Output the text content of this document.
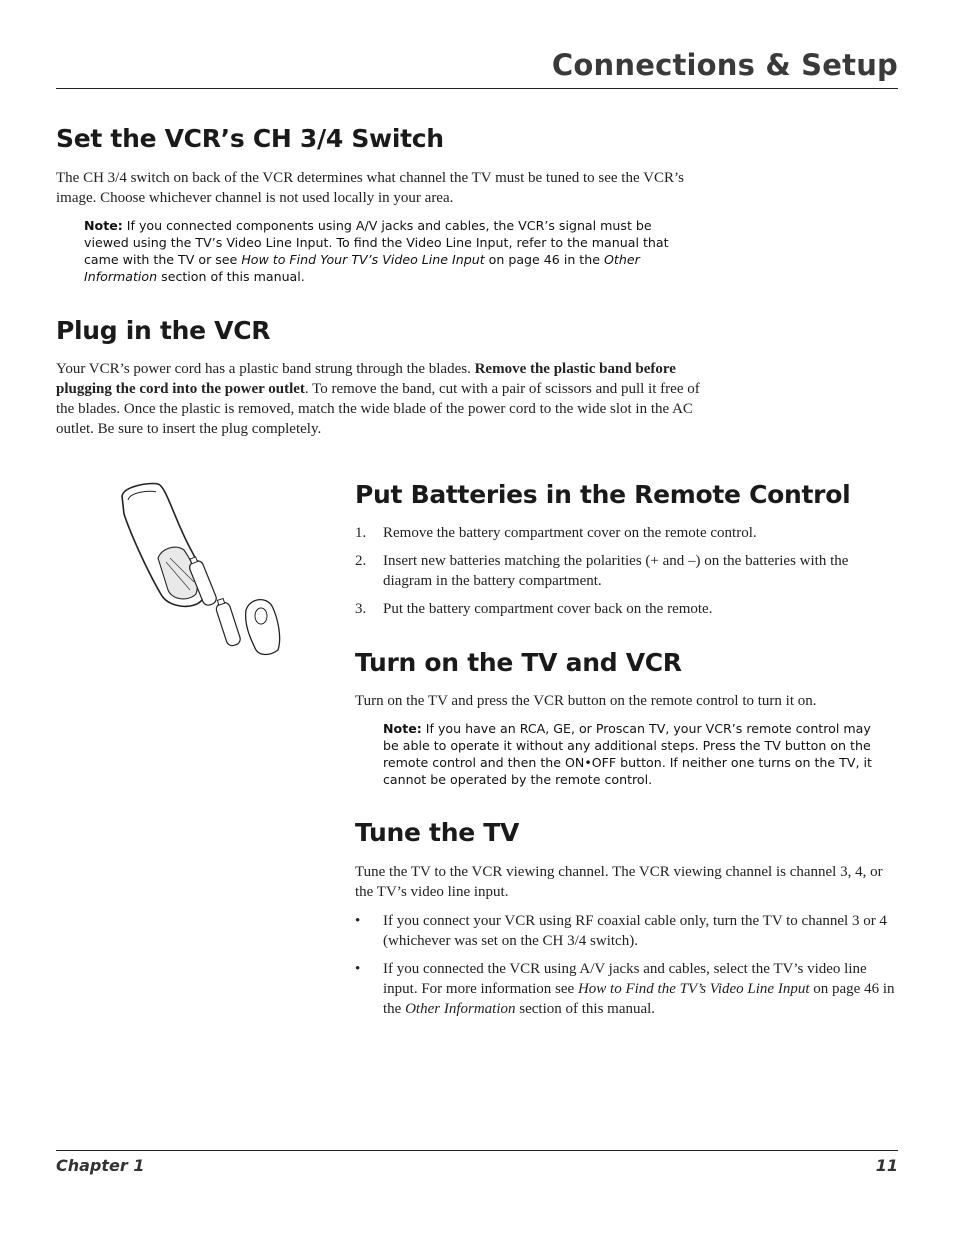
Connections & Setup
Set the VCR’s CH 3/4 Switch

The CH 3/4 switch on back of the VCR determines what channel the TV must be tuned to see the VCR’s image. Choose whichever channel is not used locally in your area.

Note: If you connected components using A/V jacks and cables, the VCR’s signal must be viewed using the TV’s Video Line Input. To find the Video Line Input, refer to the manual that came with the TV or see How to Find Your TV’s Video Line Input on page 46 in the Other Information section of this manual.

Plug in the VCR

Your VCR’s power cord has a plastic band strung through the blades. Remove the plastic band before plugging the cord into the power outlet. To remove the band, cut with a pair of scissors and pull it free of the blades. Once the plastic is removed, match the wide blade of the power cord to the wide slot in the AC outlet. Be sure to insert the plug completely.

Put Batteries in the Remote Control
1. Remove the battery compartment cover on the remote control.
2. Insert new batteries matching the polarities (+ and –) on the batteries with the diagram in the battery compartment.
3. Put the battery compartment cover back on the remote.
Turn on the TV and VCR

Turn on the TV and press the VCR button on the remote control to turn it on.

Note: If you have an RCA, GE, or Proscan TV, your VCR’s remote control may be able to operate it without any additional steps. Press the TV button on the remote control and then the ON•OFF button. If neither one turns on the TV, it cannot be operated by the remote control.

Tune the TV

Tune the TV to the VCR viewing channel. The VCR viewing channel is channel 3, 4, or the TV’s video line input.

• If you connect your VCR using RF coaxial cable only, turn the TV to channel 3 or 4 (whichever was set on the CH 3/4 switch).
• If you connected the VCR using A/V jacks and cables, select the TV’s video line input. For more information see How to Find the TV’s Video Line Input on page 46 in the Other Information section of this manual.
Chapter 1	11
